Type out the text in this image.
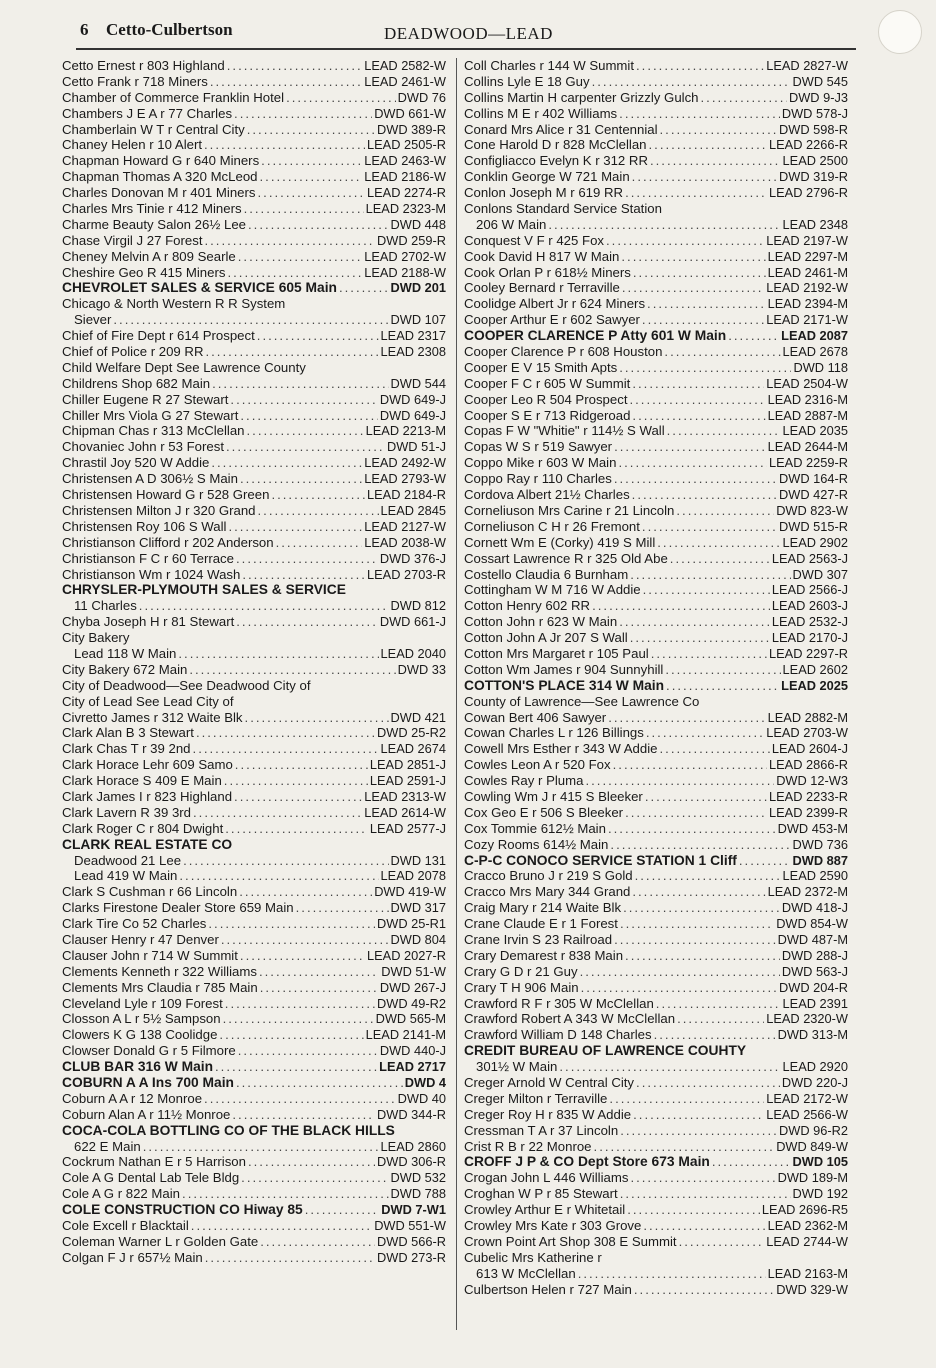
6 Cetto-Culbertson	DEADWOOD—LEAD
Cetto Ernest r 803 Highland .....	LEAD 2582-W
Cetto Frank r 718 Miners .....	LEAD 2461-W
Chamber of Commerce Franklin Hotel .....	DWD 76
Chambers J E A r 77 Charles .....	DWD 661-W
Chamberlain W T r Central City .....	DWD 389-R
Chaney Helen r 10 Alert .....	LEAD 2505-R
Chapman Howard G r 640 Miners .....	LEAD 2463-W
Chapman Thomas A 320 McLeod .....	LEAD 2186-W
Charles Donovan M r 401 Miners .....	LEAD 2274-R
Charles Mrs Tinie r 412 Miners .....	LEAD 2323-M
Charme Beauty Salon 26½ Lee .....	DWD 448
Chase Virgil J 27 Forest .....	DWD 259-R
Cheney Melvin A r 809 Searle .....	LEAD 2702-W
Cheshire Geo R 415 Miners .....	LEAD 2188-W
CHEVROLET SALES & SERVICE 605 Main .....	DWD 201
Chicago & North Western R R System
Siever .....	DWD 107
Chief of Fire Dept r 614 Prospect .....	LEAD 2317
Chief of Police r 209 RR .....	LEAD 2308
Child Welfare Dept See Lawrence County
Childrens Shop 682 Main .....	DWD 544
Chiller Eugene R 27 Stewart .....	DWD 649-J
Chiller Mrs Viola G 27 Stewart .....	DWD 649-J
Chipman Chas r 313 McClellan .....	LEAD 2213-M
Chovaniec John r 53 Forest .....	DWD 51-J
Chrastil Joy 520 W Addie .....	LEAD 2492-W
Christensen A D 306½ S Main .....	LEAD 2793-W
Christensen Howard G r 528 Green .....	LEAD 2184-R
Christensen Milton J r 320 Grand .....	LEAD 2845
Christensen Roy 106 S Wall .....	LEAD 2127-W
Christianson Clifford r 202 Anderson .....	LEAD 2038-W
Christianson F C r 60 Terrace .....	DWD 376-J
Christianson Wm r 1024 Wash .....	LEAD 2703-R
CHRYSLER-PLYMOUTH SALES & SERVICE
11 Charles .....	DWD 812
Chyba Joseph H r 81 Stewart .....	DWD 661-J
City Bakery
Lead 118 W Main .....	LEAD 2040
City Bakery 672 Main .....	DWD 33
City of Deadwood—See Deadwood City of
City of Lead See Lead City of
Civretto James r 312 Waite Blk .....	DWD 421
Clark Alan B 3 Stewart .....	DWD 25-R2
Clark Chas T r 39 2nd .....	LEAD 2674
Clark Horace Lehr 609 Samo .....	LEAD 2851-J
Clark Horace S 409 E Main .....	LEAD 2591-J
Clark James I r 823 Highland .....	LEAD 2313-W
Clark Lavern R 39 3rd .....	LEAD 2614-W
Clark Roger C r 804 Dwight .....	LEAD 2577-J
CLARK REAL ESTATE CO
Deadwood 21 Lee .....	DWD 131
Lead 419 W Main .....	LEAD 2078
Clark S Cushman r 66 Lincoln .....	DWD 419-W
Clarks Firestone Dealer Store 659 Main .....	DWD 317
Clark Tire Co 52 Charles .....	DWD 25-R1
Clauser Henry r 47 Denver .....	DWD 804
Clauser John r 714 W Summit .....	LEAD 2027-R
Clements Kenneth r 322 Williams .....	DWD 51-W
Clements Mrs Claudia r 785 Main .....	DWD 267-J
Cleveland Lyle r 109 Forest .....	DWD 49-R2
Closson A L r 5½ Sampson .....	DWD 565-M
Clowers K G 138 Coolidge .....	LEAD 2141-M
Clowser Donald G r 5 Filmore .....	DWD 440-J
CLUB BAR 316 W Main .....	LEAD 2717
COBURN A A Ins 700 Main .....	DWD 4
Coburn A A r 12 Monroe .....	DWD 40
Coburn Alan A r 11½ Monroe .....	DWD 344-R
COCA-COLA BOTTLING CO OF THE BLACK HILLS
622 E Main .....	LEAD 2860
Cockrum Nathan E r 5 Harrison .....	DWD 306-R
Cole A G Dental Lab Tele Bldg .....	DWD 532
Cole A G r 822 Main .....	DWD 788
COLE CONSTRUCTION CO Hiway 85 .....	DWD 7-W1
Cole Excell r Blacktail .....	DWD 551-W
Coleman Warner L r Golden Gate .....	DWD 566-R
Colgan F J r 657½ Main .....	DWD 273-R
Coll Charles r 144 W Summit .....	LEAD 2827-W
Collins Lyle E 18 Guy .....	DWD 545
Collins Martin H carpenter Grizzly Gulch .....	DWD 9-J3
Collins M E r 402 Williams .....	DWD 578-J
Conard Mrs Alice r 31 Centennial .....	DWD 598-R
Cone Harold D r 828 McClellan .....	LEAD 2266-R
Configliacco Evelyn K r 312 RR .....	LEAD 2500
Conklin George W 721 Main .....	DWD 319-R
Conlon Joseph M r 619 RR .....	LEAD 2796-R
Conlons Standard Service Station
206 W Main .....	LEAD 2348
Conquest V F r 425 Fox .....	LEAD 2197-W
Cook David H 817 W Main .....	LEAD 2297-M
Cook Orlan P r 618½ Miners .....	LEAD 2461-M
Cooley Bernard r Terraville .....	LEAD 2192-W
Coolidge Albert Jr r 624 Miners .....	LEAD 2394-M
Cooper Arthur E r 602 Sawyer .....	LEAD 2171-W
COOPER CLARENCE P Atty 601 W Main .....	LEAD 2087
Cooper Clarence P r 608 Houston .....	LEAD 2678
Cooper E V 15 Smith Apts .....	DWD 118
Cooper F C r 605 W Summit .....	LEAD 2504-W
Cooper Leo R 504 Prospect .....	LEAD 2316-M
Cooper S E r 713 Ridgeroad .....	LEAD 2887-M
Copas F W "Whitie" r 114½ S Wall .....	LEAD 2035
Copas W S r 519 Sawyer .....	LEAD 2644-M
Coppo Mike r 603 W Main .....	LEAD 2259-R
Coppo Ray r 110 Charles .....	DWD 164-R
Cordova Albert 21½ Charles .....	DWD 427-R
Corneliuson Mrs Carine r 21 Lincoln .....	DWD 823-W
Corneliuson C H r 26 Fremont .....	DWD 515-R
Cornett Wm E (Corky) 419 S Mill .....	LEAD 2902
Cossart Lawrence R r 325 Old Abe .....	LEAD 2563-J
Costello Claudia 6 Burnham .....	DWD 307
Cottingham W M 716 W Addie .....	LEAD 2566-J
Cotton Henry 602 RR .....	LEAD 2603-J
Cotton John r 623 W Main .....	LEAD 2532-J
Cotton John A Jr 207 S Wall .....	LEAD 2170-J
Cotton Mrs Margaret r 105 Paul .....	LEAD 2297-R
Cotton Wm James r 904 Sunnyhill .....	LEAD 2602
COTTON'S PLACE 314 W Main .....	LEAD 2025
County of Lawrence—See Lawrence Co
Cowan Bert 406 Sawyer .....	LEAD 2882-M
Cowan Charles L r 126 Billings .....	LEAD 2703-W
Cowell Mrs Esther r 343 W Addie .....	LEAD 2604-J
Cowles Leon A r 520 Fox .....	LEAD 2866-R
Cowles Ray r Pluma .....	DWD 12-W3
Cowling Wm J r 415 S Bleeker .....	LEAD 2233-R
Cox Geo E r 506 S Bleeker .....	LEAD 2399-R
Cox Tommie 612½ Main .....	DWD 453-M
Cozy Rooms 614½ Main .....	DWD 736
C-P-C CONOCO SERVICE STATION 1 Cliff .....	DWD 887
Cracco Bruno J r 219 S Gold .....	LEAD 2590
Cracco Mrs Mary 344 Grand .....	LEAD 2372-M
Craig Mary r 214 Waite Blk .....	DWD 418-J
Crane Claude E r 1 Forest .....	DWD 854-W
Crane Irvin S 23 Railroad .....	DWD 487-M
Crary Demarest r 838 Main .....	DWD 288-J
Crary G D r 21 Guy .....	DWD 563-J
Crary T H 906 Main .....	DWD 204-R
Crawford R F r 305 W McClellan .....	LEAD 2391
Crawford Robert A 343 W McClellan .....	LEAD 2320-W
Crawford William D 148 Charles .....	DWD 313-M
CREDIT BUREAU OF LAWRENCE COUHTY
301½ W Main .....	LEAD 2920
Creger Arnold W Central City .....	DWD 220-J
Creger Milton r Terraville .....	LEAD 2172-W
Creger Roy H r 835 W Addie .....	LEAD 2566-W
Cressman T A r 37 Lincoln .....	DWD 96-R2
Crist R B r 22 Monroe .....	DWD 849-W
CROFF J P & CO Dept Store 673 Main .....	DWD 105
Crogan John L 446 Williams .....	DWD 189-M
Croghan W P r 85 Stewart .....	DWD 192
Crowley Arthur E r Whitetail .....	LEAD 2696-R5
Crowley Mrs Kate r 303 Grove .....	LEAD 2362-M
Crown Point Art Shop 308 E Summit .....	LEAD 2744-W
Cubelic Mrs Katherine r
613 W McClellan .....	LEAD 2163-M
Culbertson Helen r 727 Main .....	DWD 329-W
